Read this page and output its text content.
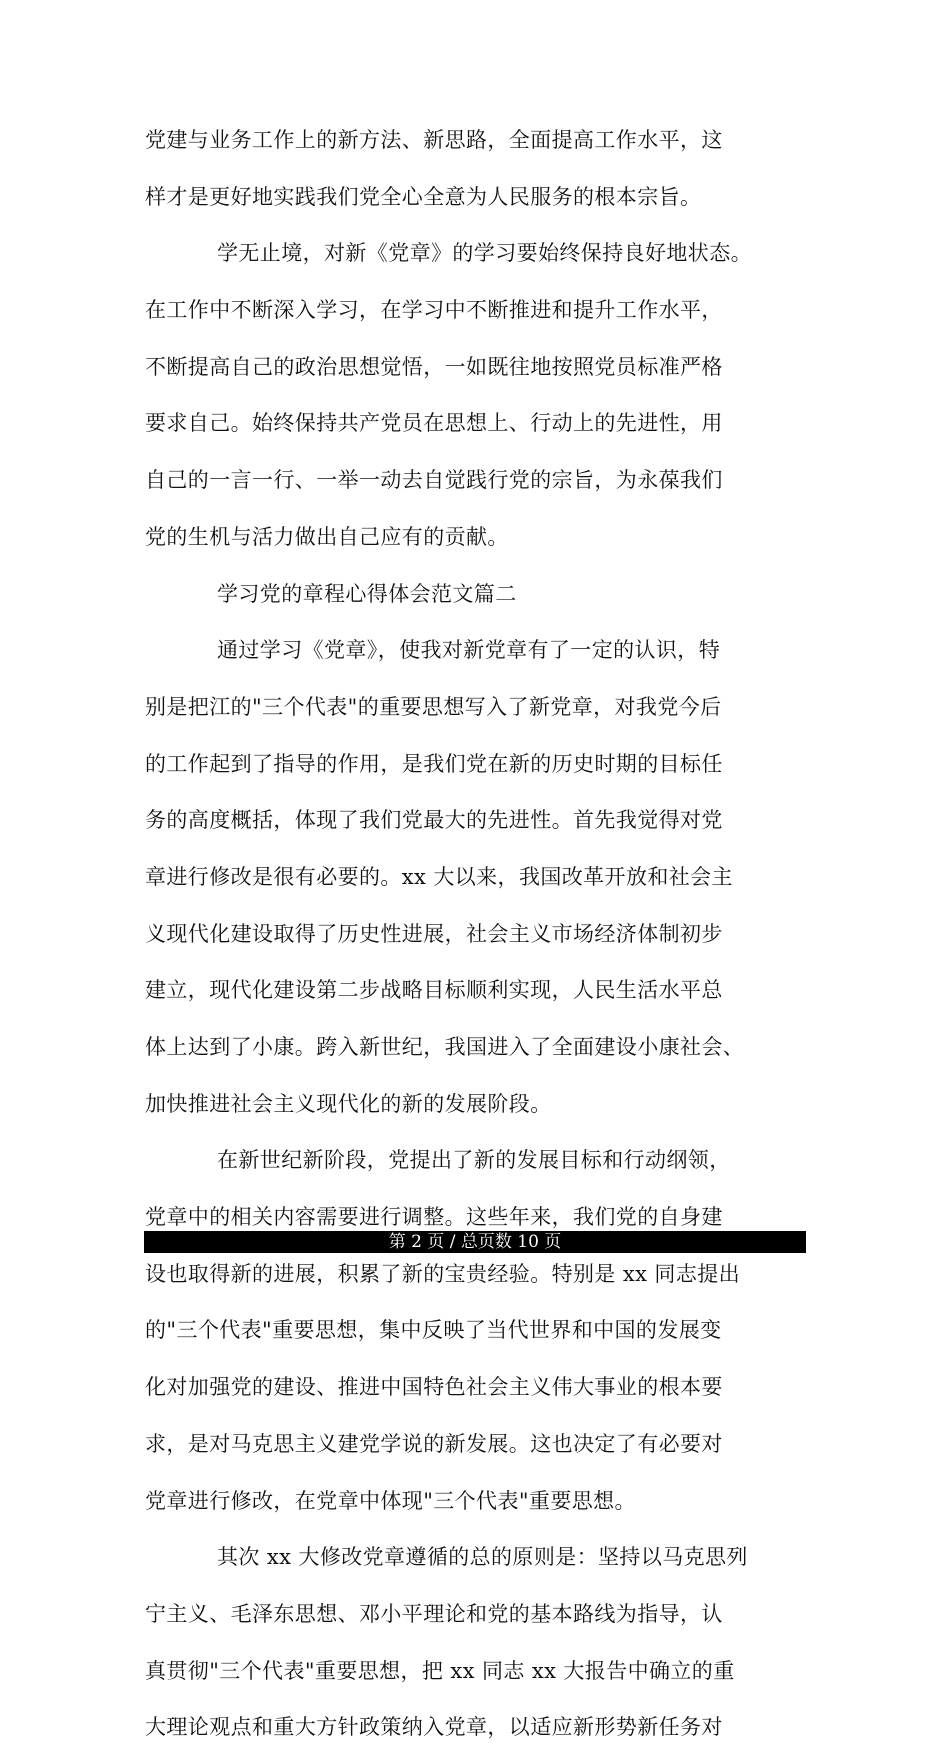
党建与业务工作上的新方法、新思路，全面提高工作水平，这
样才是更好地实践我们党全心全意为人民服务的根本宗旨。
学无止境，对新《党章》的学习要始终保持良好地状态。
在工作中不断深入学习，在学习中不断推进和提升工作水平，
不断提高自己的政治思想觉悟，一如既往地按照党员标准严格
要求自己。始终保持共产党员在思想上、行动上的先进性，用
自己的一言一行、一举一动去自觉践行党的宗旨，为永葆我们
党的生机与活力做出自己应有的贡献。
学习党的章程心得体会范文篇二
通过学习《党章》，使我对新党章有了一定的认识，特
别是把江的"三个代表"的重要思想写入了新党章，对我党今后
的工作起到了指导的作用，是我们党在新的历史时期的目标任
务的高度概括，体现了我们党最大的先进性。首先我觉得对党
章进行修改是很有必要的。xx 大以来，我国改革开放和社会主
义现代化建设取得了历史性进展，社会主义市场经济体制初步
建立，现代化建设第二步战略目标顺利实现，人民生活水平总
体上达到了小康。跨入新世纪，我国进入了全面建设小康社会、
加快推进社会主义现代化的新的发展阶段。
在新世纪新阶段，党提出了新的发展目标和行动纲领，
党章中的相关内容需要进行调整。这些年来，我们党的自身建
设也取得新的进展，积累了新的宝贵经验。特别是 xx 同志提出
的"三个代表"重要思想，集中反映了当代世界和中国的发展变
化对加强党的建设、推进中国特色社会主义伟大事业的根本要
求，是对马克思主义建党学说的新发展。这也决定了有必要对
党章进行修改，在党章中体现"三个代表"重要思想。
其次 xx 大修改党章遵循的总的原则是：坚持以马克思列
宁主义、毛泽东思想、邓小平理论和党的基本路线为指导，认
真贯彻"三个代表"重要思想，把 xx 同志 xx 大报告中确立的重
大理论观点和重大方针政策纳入党章，以适应新形势新任务对
第 2 页 / 总页数 10 页
